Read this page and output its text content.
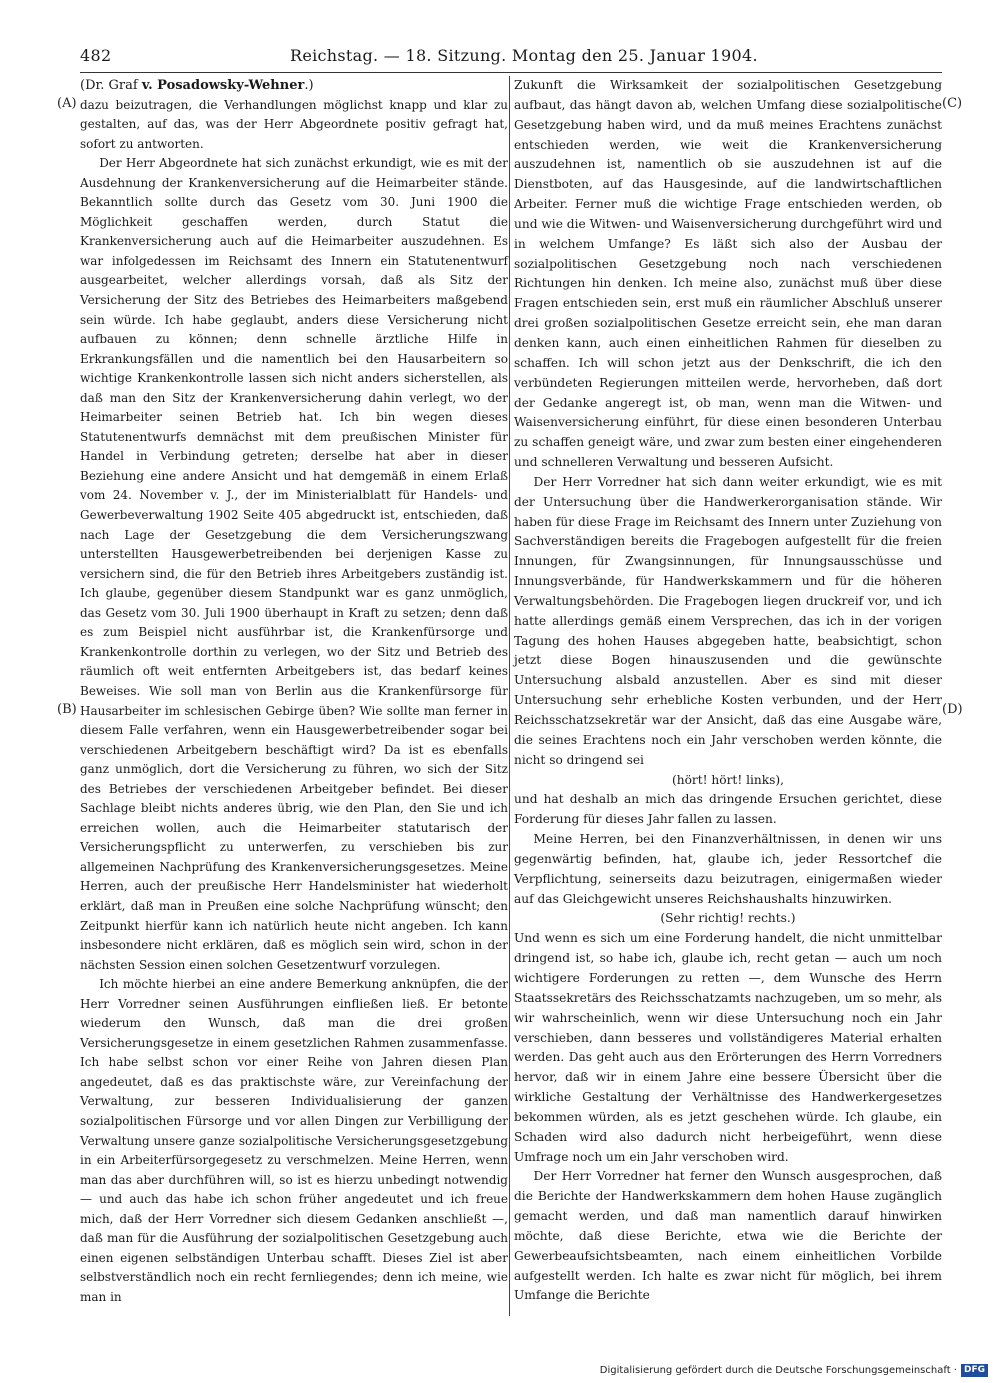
482	Reichstag. — 18. Sitzung. Montag den 25. Januar 1904.
(A)
(B)
(C)
(D)

(Dr. Graf v. Posadowsky-Wehner.)

dazu beizutragen, die Verhandlungen möglichst knapp und klar zu gestalten, auf das, was der Herr Abgeordnete positiv gefragt hat, sofort zu antworten.

Der Herr Abgeordnete hat sich zunächst erkundigt, wie es mit der Ausdehnung der Krankenversicherung auf die Heimarbeiter stände. Bekanntlich sollte durch das Gesetz vom 30. Juni 1900 die Möglichkeit geschaffen werden, durch Statut die Krankenversicherung auch auf die Heimarbeiter auszudehnen. Es war infolgedessen im Reichsamt des Innern ein Statutenentwurf ausgearbeitet, welcher allerdings vorsah, daß als Sitz der Versicherung der Sitz des Betriebes des Heimarbeiters maßgebend sein würde. Ich habe geglaubt, anders diese Versicherung nicht aufbauen zu können; denn schnelle ärztliche Hilfe in Erkrankungsfällen und die namentlich bei den Hausarbeitern so wichtige Krankenkontrolle lassen sich nicht anders sicherstellen, als daß man den Sitz der Krankenversicherung dahin verlegt, wo der Heimarbeiter seinen Betrieb hat. Ich bin wegen dieses Statutenentwurfs demnächst mit dem preußischen Minister für Handel in Verbindung getreten; derselbe hat aber in dieser Beziehung eine andere Ansicht und hat demgemäß in einem Erlaß vom 24. November v. J., der im Ministerialblatt für Handels- und Gewerbeverwaltung 1902 Seite 405 abgedruckt ist, entschieden, daß nach Lage der Gesetzgebung die dem Versicherungszwang unterstellten Hausgewerbetreibenden bei derjenigen Kasse zu versichern sind, die für den Betrieb ihres Arbeitgebers zuständig ist. Ich glaube, gegenüber diesem Standpunkt war es ganz unmöglich, das Gesetz vom 30. Juli 1900 überhaupt in Kraft zu setzen; denn daß es zum Beispiel nicht ausführbar ist, die Krankenfürsorge und Krankenkontrolle dorthin zu verlegen, wo der Sitz und Betrieb des räumlich oft weit entfernten Arbeitgebers ist, das bedarf keines Beweises. Wie soll man von Berlin aus die Krankenfürsorge für Hausarbeiter im schlesischen Gebirge üben? Wie sollte man ferner in diesem Falle verfahren, wenn ein Hausgewerbetreibender sogar bei verschiedenen Arbeitgebern beschäftigt wird? Da ist es ebenfalls ganz unmöglich, dort die Versicherung zu führen, wo sich der Sitz des Betriebes der verschiedenen Arbeitgeber befindet. Bei dieser Sachlage bleibt nichts anderes übrig, wie den Plan, den Sie und ich erreichen wollen, auch die Heimarbeiter statutarisch der Versicherungspflicht zu unterwerfen, zu verschieben bis zur allgemeinen Nachprüfung des Krankenversicherungsgesetzes. Meine Herren, auch der preußische Herr Handelsminister hat wiederholt erklärt, daß man in Preußen eine solche Nachprüfung wünscht; den Zeitpunkt hierfür kann ich natürlich heute nicht angeben. Ich kann insbesondere nicht erklären, daß es möglich sein wird, schon in der nächsten Session einen solchen Gesetzentwurf vorzulegen.

Ich möchte hierbei an eine andere Bemerkung anknüpfen, die der Herr Vorredner seinen Ausführungen einfließen ließ. Er betonte wiederum den Wunsch, daß man die drei großen Versicherungsgesetze in einem gesetzlichen Rahmen zusammenfasse. Ich habe selbst schon vor einer Reihe von Jahren diesen Plan angedeutet, daß es das praktischste wäre, zur Vereinfachung der Verwaltung, zur besseren Individualisierung der ganzen sozialpolitischen Fürsorge und vor allen Dingen zur Verbilligung der Verwaltung unsere ganze sozialpolitische Versicherungsgesetzgebung in ein Arbeiterfürsorgegesetz zu verschmelzen. Meine Herren, wenn man das aber durchführen will, so ist es hierzu unbedingt notwendig — und auch das habe ich schon früher angedeutet und ich freue mich, daß der Herr Vorredner sich diesem Gedanken anschließt —, daß man für die Ausführung der sozialpolitischen Gesetzgebung auch einen eigenen selbständigen Unterbau schafft. Dieses Ziel ist aber selbstverständlich noch ein recht fernliegendes; denn ich meine, wie man in

Zukunft die Wirksamkeit der sozialpolitischen Gesetzgebung aufbaut, das hängt davon ab, welchen Umfang diese sozialpolitische Gesetzgebung haben wird, und da muß meines Erachtens zunächst entschieden werden, wie weit die Krankenversicherung auszudehnen ist, namentlich ob sie auszudehnen ist auf die Dienstboten, auf das Hausgesinde, auf die landwirtschaftlichen Arbeiter. Ferner muß die wichtige Frage entschieden werden, ob und wie die Witwen- und Waisenversicherung durchgeführt wird und in welchem Umfange? Es läßt sich also der Ausbau der sozialpolitischen Gesetzgebung noch nach verschiedenen Richtungen hin denken. Ich meine also, zunächst muß über diese Fragen entschieden sein, erst muß ein räumlicher Abschluß unserer drei großen sozialpolitischen Gesetze erreicht sein, ehe man daran denken kann, auch einen einheitlichen Rahmen für dieselben zu schaffen. Ich will schon jetzt aus der Denkschrift, die ich den verbündeten Regierungen mitteilen werde, hervorheben, daß dort der Gedanke angeregt ist, ob man, wenn man die Witwen- und Waisenversicherung einführt, für diese einen besonderen Unterbau zu schaffen geneigt wäre, und zwar zum besten einer eingehenderen und schnelleren Verwaltung und besseren Aufsicht.

Der Herr Vorredner hat sich dann weiter erkundigt, wie es mit der Untersuchung über die Handwerkerorganisation stände. Wir haben für diese Frage im Reichsamt des Innern unter Zuziehung von Sachverständigen bereits die Fragebogen aufgestellt für die freien Innungen, für Zwangsinnungen, für Innungsausschüsse und Innungsverbände, für Handwerkskammern und für die höheren Verwaltungsbehörden. Die Fragebogen liegen druckreif vor, und ich hatte allerdings gemäß einem Versprechen, das ich in der vorigen Tagung des hohen Hauses abgegeben hatte, beabsichtigt, schon jetzt diese Bogen hinauszusenden und die gewünschte Untersuchung alsbald anzustellen. Aber es sind mit dieser Untersuchung sehr erhebliche Kosten verbunden, und der Herr Reichsschatzsekretär war der Ansicht, daß das eine Ausgabe wäre, die seines Erachtens noch ein Jahr verschoben werden könnte, die nicht so dringend sei

(hört! hört! links),

und hat deshalb an mich das dringende Ersuchen gerichtet, diese Forderung für dieses Jahr fallen zu lassen.

Meine Herren, bei den Finanzverhältnissen, in denen wir uns gegenwärtig befinden, hat, glaube ich, jeder Ressortchef die Verpflichtung, seinerseits dazu beizutragen, einigermaßen wieder auf das Gleichgewicht unseres Reichshaushalts hinzuwirken.

(Sehr richtig! rechts.)

Und wenn es sich um eine Forderung handelt, die nicht unmittelbar dringend ist, so habe ich, glaube ich, recht getan — auch um noch wichtigere Forderungen zu retten —, dem Wunsche des Herrn Staatssekretärs des Reichsschatzamts nachzugeben, um so mehr, als wir wahrscheinlich, wenn wir diese Untersuchung noch ein Jahr verschieben, dann besseres und vollständigeres Material erhalten werden. Das geht auch aus den Erörterungen des Herrn Vorredners hervor, daß wir in einem Jahre eine bessere Übersicht über die wirkliche Gestaltung der Verhältnisse des Handwerkergesetzes bekommen würden, als es jetzt geschehen würde. Ich glaube, ein Schaden wird also dadurch nicht herbeigeführt, wenn diese Umfrage noch um ein Jahr verschoben wird.

Der Herr Vorredner hat ferner den Wunsch ausgesprochen, daß die Berichte der Handwerkskammern dem hohen Hause zugänglich gemacht werden, und daß man namentlich darauf hinwirken möchte, daß diese Berichte, etwa wie die Berichte der Gewerbeaufsichtsbeamten, nach einem einheitlichen Vorbilde aufgestellt werden. Ich halte es zwar nicht für möglich, bei ihrem Umfange die Berichte

Digitalisierung gefördert durch die Deutsche Forschungsgemeinschaft · DFG
